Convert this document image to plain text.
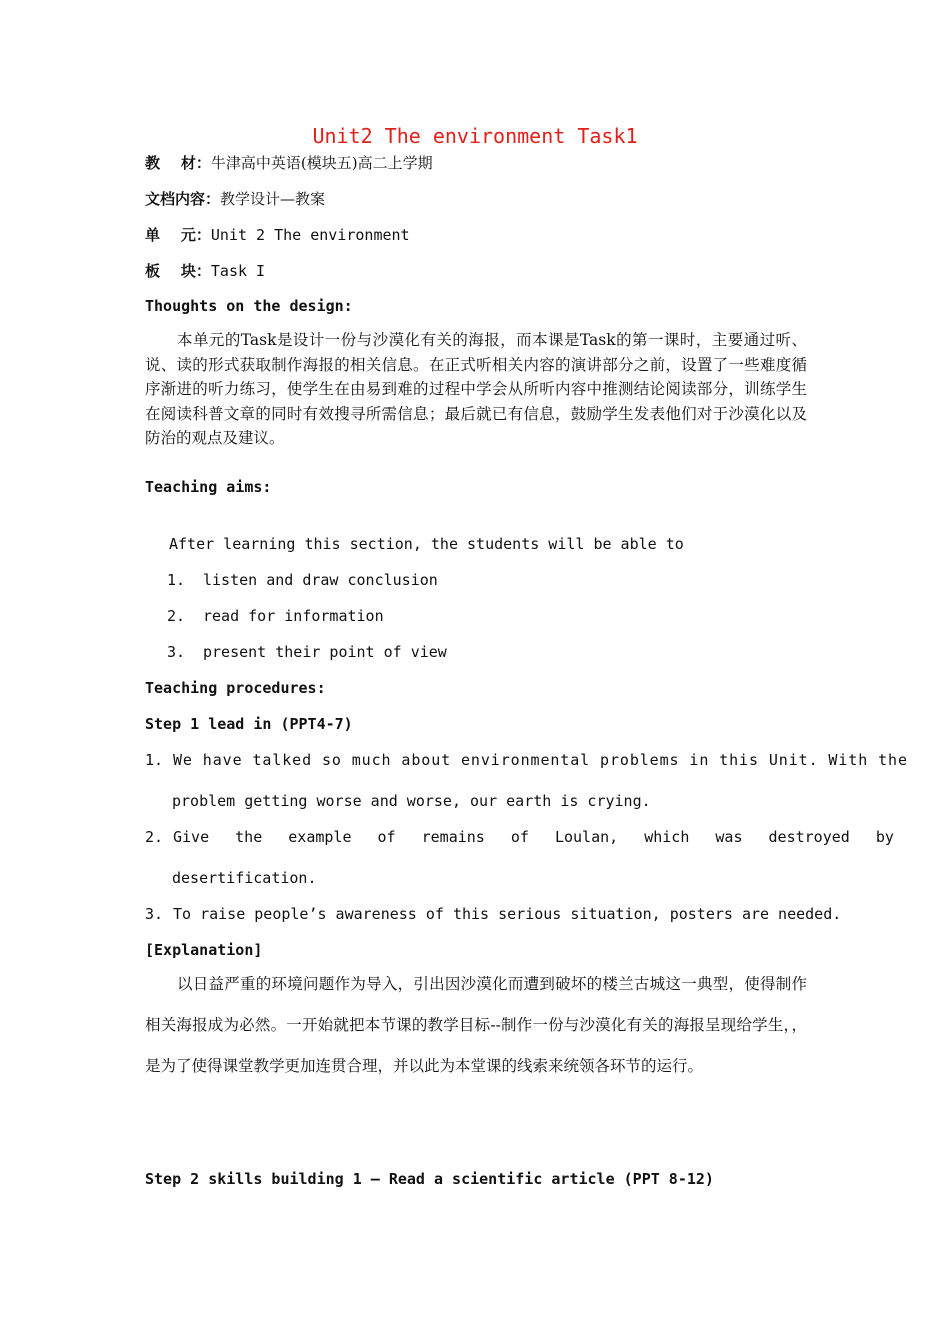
Unit2 The environment Task1
教    材：牛津高中英语(模块五)高二上学期
文档内容：教学设计—教案
单    元：Unit 2 The environment
板    块：Task I
Thoughts on the design:
本单元的Task是设计一份与沙漠化有关的海报，而本课是Task的第一课时，主要通过听、说、读的形式获取制作海报的相关信息。在正式听相关内容的演讲部分之前，设置了一些难度循序渐进的听力练习，使学生在由易到难的过程中学会从所听内容中推测结论阅读部分，训练学生在阅读科普文章的同时有效搜寻所需信息；最后就已有信息，鼓励学生发表他们对于沙漠化以及防治的观点及建议。
Teaching aims:
After learning this section, the students will be able to
1. listen and draw conclusion
2. read for information
3. present their point of view
Teaching procedures:
Step 1 lead in (PPT4-7)
1. We have talked so much about environmental problems in this Unit. With the
problem getting worse and worse, our earth is crying.
2. Give the example of remains of Loulan, which was destroyed by
desertification.
3. To raise people’s awareness of this serious situation, posters are needed.
[Explanation]
以日益严重的环境问题作为导入，引出因沙漠化而遭到破坏的楼兰古城这一典型，使得制作相关海报成为必然。一开始就把本节课的教学目标--制作一份与沙漠化有关的海报呈现给学生，，是为了使得课堂教学更加连贯合理，并以此为本堂课的线索来统领各环节的运行。
Step 2 skills building 1 — Read a scientific article (PPT 8-12)
